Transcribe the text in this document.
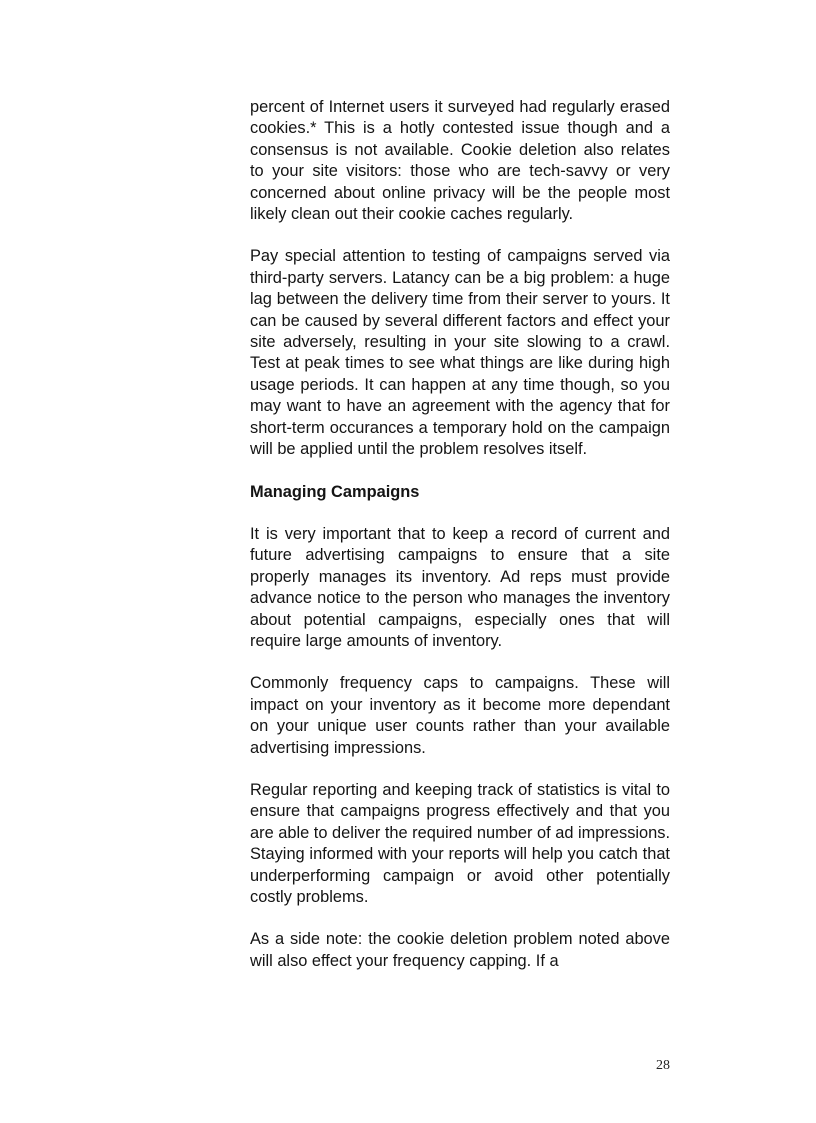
percent of Internet users it surveyed had regularly erased cookies.* This is a hotly contested issue though and a consensus is not available. Cookie deletion also relates to your site visitors: those who are tech-savvy or very concerned about online privacy will be the people most likely clean out their cookie caches regularly.

Pay special attention to testing of campaigns served via third-party servers. Latancy can be a big problem: a huge lag between the delivery time from their server to yours. It can be caused by several different factors and effect your site adversely, resulting in your site slowing to a crawl. Test at peak times to see what things are like during high usage periods. It can happen at any time though, so you may want to have an agreement with the agency that for short-term occurances a temporary hold on the campaign will be applied until the problem resolves itself.

Managing Campaigns

It is very important that to keep a record of current and future advertising campaigns to ensure that a site properly manages its inventory. Ad reps must provide advance notice to the person who manages the inventory about potential campaigns, especially ones that will require large amounts of inventory.

Commonly frequency caps to campaigns. These will impact on your inventory as it become more dependant on your unique user counts rather than your available advertising impressions.

Regular reporting and keeping track of statistics is vital to ensure that campaigns progress effectively and that you are able to deliver the required number of ad impressions. Staying informed with your reports will help you catch that underperforming campaign or avoid other potentially costly problems.

As a side note: the cookie deletion problem noted above will also effect your frequency capping. If a

28
